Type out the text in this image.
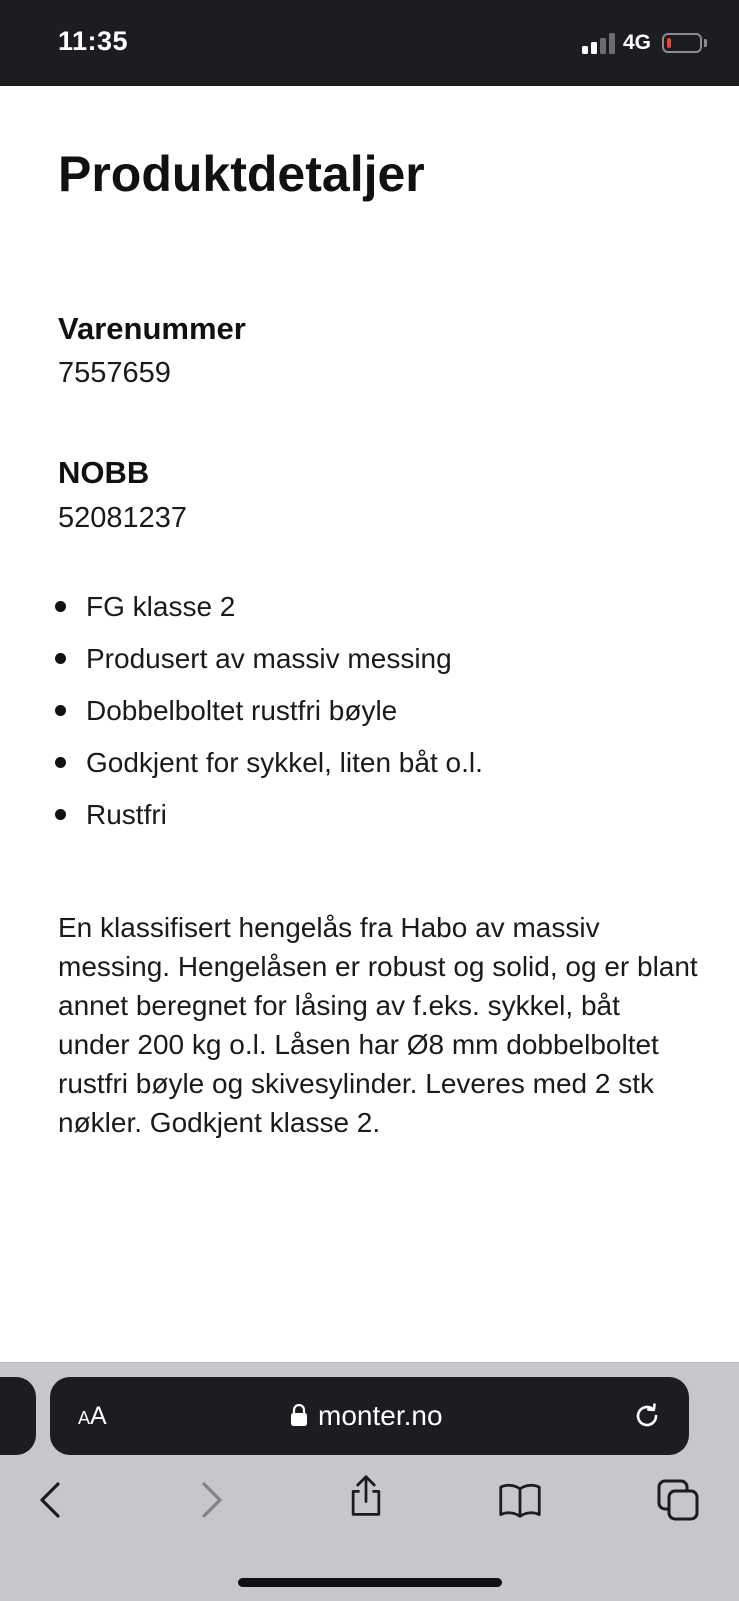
11:35	4G
Produktdetaljer
Varenummer
7557659
NOBB
52081237
FG klasse 2
Produsert av massiv messing
Dobbelboltet rustfri bøyle
Godkjent for sykkel, liten båt o.l.
Rustfri

En klassifisert hengelås fra Habo av massiv messing. Hengelåsen er robust og solid, og er blant annet beregnet for låsing av f.eks. sykkel, båt under 200 kg o.l. Låsen har Ø8 mm dobbelboltet rustfri bøyle og skivesylinder. Leveres med 2 stk nøkler. Godkjent klasse 2.

AA	monter.no
